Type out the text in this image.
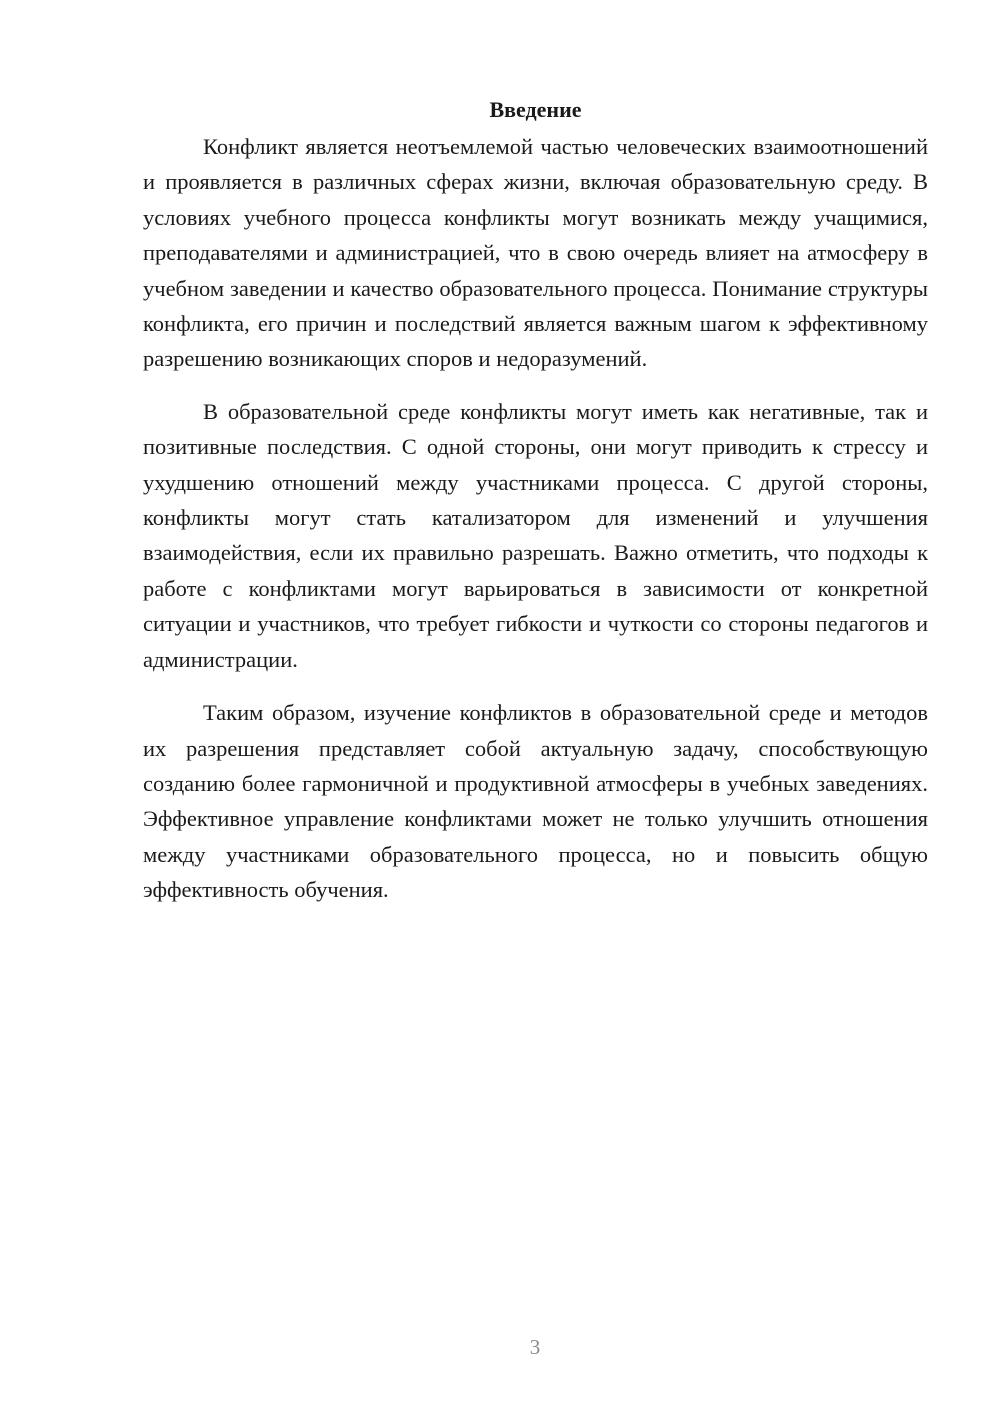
Введение

Конфликт является неотъемлемой частью человеческих взаимоотношений и проявляется в различных сферах жизни, включая образовательную среду. В условиях учебного процесса конфликты могут возникать между учащимися, преподавателями и администрацией, что в свою очередь влияет на атмосферу в учебном заведении и качество образовательного процесса. Понимание структуры конфликта, его причин и последствий является важным шагом к эффективному разрешению возникающих споров и недоразумений.

В образовательной среде конфликты могут иметь как негативные, так и позитивные последствия. С одной стороны, они могут приводить к стрессу и ухудшению отношений между участниками процесса. С другой стороны, конфликты могут стать катализатором для изменений и улучшения взаимодействия, если их правильно разрешать. Важно отметить, что подходы к работе с конфликтами могут варьироваться в зависимости от конкретной ситуации и участников, что требует гибкости и чуткости со стороны педагогов и администрации.

Таким образом, изучение конфликтов в образовательной среде и методов их разрешения представляет собой актуальную задачу, способствующую созданию более гармоничной и продуктивной атмосферы в учебных заведениях. Эффективное управление конфликтами может не только улучшить отношения между участниками образовательного процесса, но и повысить общую эффективность обучения.

3
